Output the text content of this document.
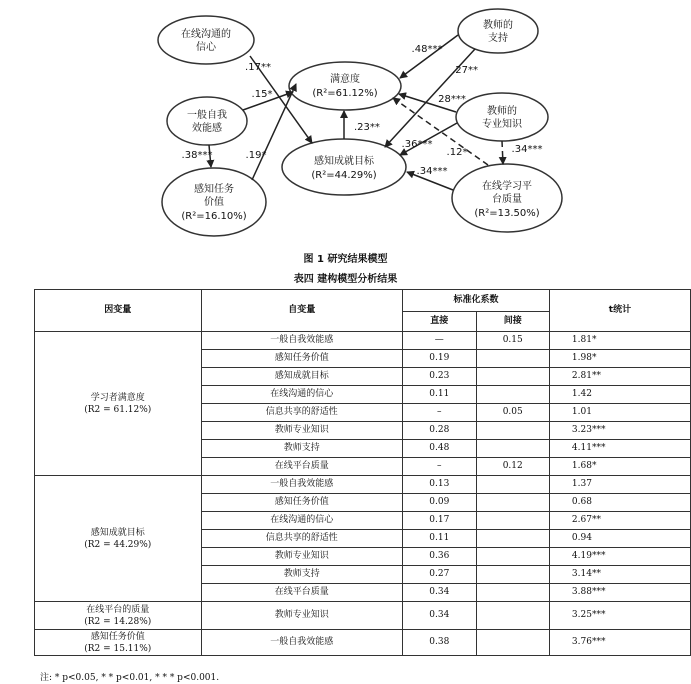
在线沟通的
信心
一般自我
效能感
感知任务
价值
(R²=16.10%)
满意度
(R²=61.12%)
感知成就目标
(R²=44.29%)
教师的
支持
教师的
专业知识
在线学习平
台质量
(R²=13.50%)
.17**
.15*
.38***	.19*
.23**
.48***
.27**
28***
.36***
.12*	.34***
.34***
图 1 研究结果模型
表四 建构模型分析结果
因变量	自变量	标准化系数		t统计
		直接	间接	

学习者满意度
(R2 = 61.12%)	一般自我效能感	—	0.15	1.81*
	感知任务价值	0.19		1.98*
	感知成就目标	0.23		2.81**
	在线沟通的信心	0.11		1.42
	信息共享的舒适性	–	0.05	1.01
	教师专业知识	0.28		3.23***
	教师支持	0.48		4.11***
	在线平台质量	–	0.12	1.68*

感知成就目标
(R2 = 44.29%)	一般自我效能感	0.13		1.37
	感知任务价值	0.09		0.68
	在线沟通的信心	0.17		2.67**
	信息共享的舒适性	0.11		0.94
	教师专业知识	0.36		4.19***
	教师支持	0.27		3.14**
	在线平台质量	0.34		3.88***

在线平台的质量
(R2 = 14.28%)	教师专业知识	0.34		3.25***

感知任务价值
(R2 = 15.11%)	一般自我效能感	0.38		3.76***
注: * p<0.05, * * p<0.01, * * * p<0.001.
